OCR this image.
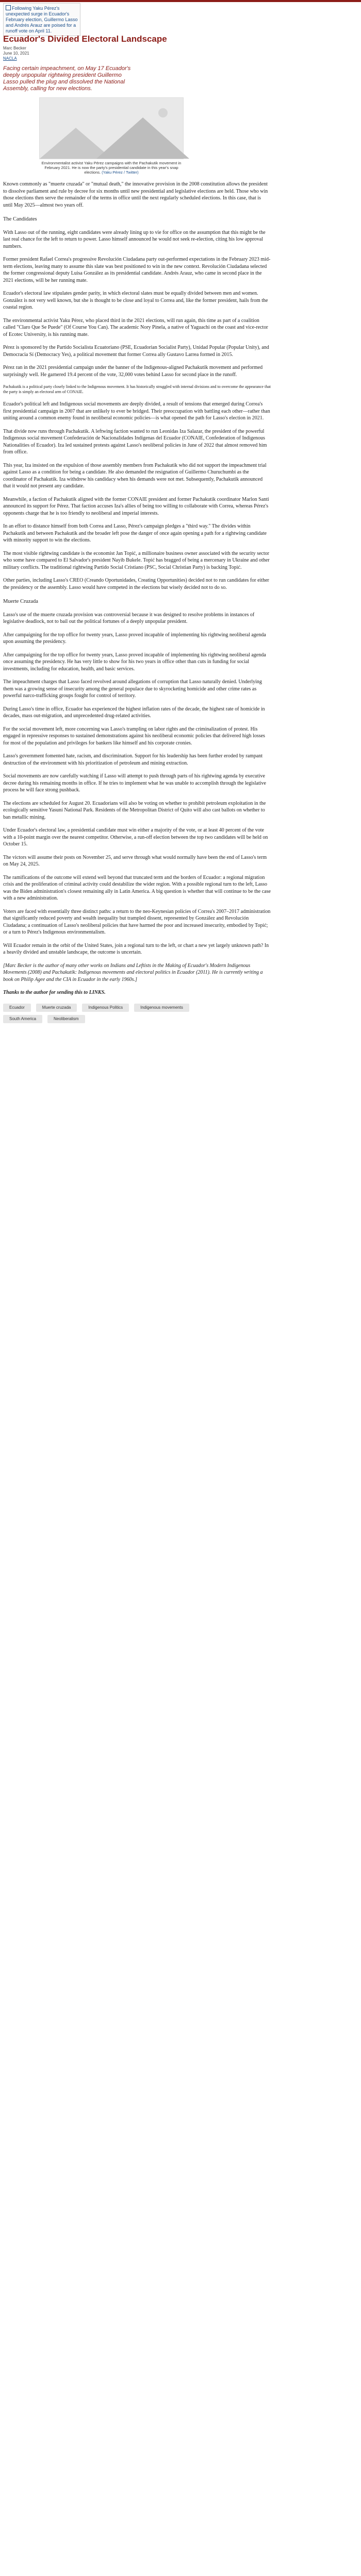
Following Yaku Pérez's unexpected surge in Ecuador's February election, Guillermo Lasso and Andrés Arauz are poised for a runoff vote on April 11.
Ecuador's Divided Electoral Landscape
Marc Becker
June 10, 2021
NACLA
Facing certain impeachment, on May 17 Ecuador's deeply unpopular rightwing president Guillermo Lasso pulled the plug and dissolved the National Assembly, calling for new elections.
Environmentalist activist Yaku Pérez campaigns with the Pachakutik movement in February 2021. He is now the party's presidential candidate in this year's snap elections. (Yaku Pérez / Twitter)

Known commonly as "muerte cruzada" or "mutual death," the innovative provision in the 2008 constitution allows the president to dissolve parliament and rule by decree for six months until new presidential and legislative elections are held. Those who win those elections then serve the remainder of the terms in office until the next regularly scheduled elections. In this case, that is until May 2025—almost two years off.

The Candidates

With Lasso out of the running, eight candidates were already lining up to vie for office on the assumption that this might be the last real chance for the left to return to power. Lasso himself announced he would not seek re-election, citing his low approval numbers.

Former president Rafael Correa's progressive Revolución Ciudadana party out-performed expectations in the February 2023 mid-term elections, leaving many to assume this slate was best positioned to win in the new context. Revolución Ciudadana selected the former congressional deputy Luisa González as its presidential candidate. Andrés Arauz, who came in second place in the 2021 elections, will be her running mate.

Ecuador's electoral law stipulates gender parity, in which electoral slates must be equally divided between men and women. González is not very well known, but she is thought to be close and loyal to Correa and, like the former president, hails from the coastal region.

The environmental activist Yaku Pérez, who placed third in the 2021 elections, will run again, this time as part of a coalition called "Claro Que Se Puede" (Of Course You Can). The academic Nory Pinela, a native of Yaguachi on the coast and vice-rector of Ecotec University, is his running mate.

Pérez is sponsored by the Partido Socialista Ecuatoriano (PSE, Ecuadorian Socialist Party), Unidad Popular (Popular Unity), and Democracia Sí (Democracy Yes), a political movement that former Correa ally Gustavo Larrea formed in 2015.

Pérez ran in the 2021 presidential campaign under the banner of the Indigenous-aligned Pachakutik movement and performed surprisingly well. He garnered 19.4 percent of the vote, 32,000 votes behind Lasso for second place in the runoff.

Pachakutik is a political party closely linked to the Indigenous movement. It has historically struggled with internal divisions and to overcome the appearance that the party is simply an electoral arm of CONAIE.

Ecuador's political left and Indigenous social movements are deeply divided, a result of tensions that emerged during Correa's first presidential campaign in 2007 that are unlikely to ever be bridged. Their preoccupation with battling each other—rather than uniting around a common enemy found in neoliberal economic policies—is what opened the path for Lasso's election in 2021.

That divide now runs through Pachakutik. A leftwing faction wanted to run Leonidas Iza Salazar, the president of the powerful Indigenous social movement Confederación de Nacionalidades Indígenas del Ecuador (CONAIE, Confederation of Indigenous Nationalities of Ecuador). Iza led sustained protests against Lasso's neoliberal policies in June of 2022 that almost removed him from office.

This year, Iza insisted on the expulsion of those assembly members from Pachakutik who did not support the impeachment trial against Lasso as a condition for being a candidate. He also demanded the resignation of Guillermo Churuchumbi as the coordinator of Pachakutik. Iza withdrew his candidacy when his demands were not met. Subsequently, Pachakutik announced that it would not present any candidate.

Meanwhile, a faction of Pachakutik aligned with the former CONAIE president and former Pachakutik coordinator Marlon Santi announced its support for Pérez. That faction accuses Iza's allies of being too willing to collaborate with Correa, whereas Pérez's opponents charge that he is too friendly to neoliberal and imperial interests.

In an effort to distance himself from both Correa and Lasso, Pérez's campaign pledges a "third way." The divides within Pachakutik and between Pachakutik and the broader left pose the danger of once again opening a path for a rightwing candidate with minority support to win the elections.

The most visible rightwing candidate is the economist Jan Topić, a millionaire business owner associated with the security sector who some have compared to El Salvador's president Nayib Bukele. Topić has bragged of being a mercenary in Ukraine and other military conflicts. The traditional rightwing Partido Social Cristiano (PSC, Social Christian Party) is backing Topić.

Other parties, including Lasso's CREO (Creando Oportunidades, Creating Opportunities) decided not to run candidates for either the presidency or the assembly. Lasso would have competed in the elections but wisely decided not to do so.

Muerte Cruzada

Lasso's use of the muerte cruzada provision was controversial because it was designed to resolve problems in instances of legislative deadlock, not to bail out the political fortunes of a deeply unpopular president.

After campaigning for the top office for twenty years, Lasso proved incapable of implementing his rightwing neoliberal agenda upon assuming the presidency.

After campaigning for the top office for twenty years, Lasso proved incapable of implementing his rightwing neoliberal agenda once assuming the presidency. He has very little to show for his two years in office other than cuts in funding for social investments, including for education, health, and basic services.

The impeachment charges that Lasso faced revolved around allegations of corruption that Lasso naturally denied. Underlying them was a growing sense of insecurity among the general populace due to skyrocketing homicide and other crime rates as powerful narco-trafficking groups fought for control of territory.

During Lasso's time in office, Ecuador has experienced the highest inflation rates of the decade, the highest rate of homicide in decades, mass out-migration, and unprecedented drug-related activities.

For the social movement left, more concerning was Lasso's trampling on labor rights and the criminalization of protest. His engaged in repressive responses to sustained demonstrations against his neoliberal economic policies that delivered high losses for most of the population and privileges for bankers like himself and his corporate cronies.

Lasso's government fomented hate, racism, and discrimination. Support for his leadership has been further eroded by rampant destruction of the environment with his prioritization of petroleum and mining extraction.

Social movements are now carefully watching if Lasso will attempt to push through parts of his rightwing agenda by executive decree during his remaining months in office. If he tries to implement what he was unable to accomplish through the legislative process he will face strong pushback.

The elections are scheduled for August 20. Ecuadorians will also be voting on whether to prohibit petroleum exploitation in the ecologically sensitive Yasuní National Park. Residents of the Metropolitan District of Quito will also cast ballots on whether to ban metallic mining.

Under Ecuador's electoral law, a presidential candidate must win either a majority of the vote, or at least 40 percent of the vote with a 10-point margin over the nearest competitor. Otherwise, a run-off election between the top two candidates will be held on October 15.

The victors will assume their posts on November 25, and serve through what would normally have been the end of Lasso's term on May 24, 2025.

The ramifications of the outcome will extend well beyond that truncated term and the borders of Ecuador: a regional migration crisis and the proliferation of criminal activity could destabilize the wider region. With a possible regional turn to the left, Lasso was the Biden administration's closest remaining ally in Latin America. A big question is whether that will continue to be the case with a new administration.

Voters are faced with essentially three distinct paths: a return to the neo-Keynesian policies of Correa's 2007–2017 administration that significantly reduced poverty and wealth inequality but trampled dissent, represented by González and Revolución Ciudadana; a continuation of Lasso's neoliberal policies that have harmed the poor and increased insecurity, embodied by Topić; or a turn to Pérez's Indigenous environmentalism.

Will Ecuador remain in the orbit of the United States, join a regional turn to the left, or chart a new yet largely unknown path? In a heavily divided and unstable landscape, the outcome is uncertain.

[Marc Becker is the author of many other works on Indians and Leftists in the Making of Ecuador's Modern Indigenous Movements (2008) and Pachakutik: Indigenous movements and electoral politics in Ecuador (2011). He is currently writing a book on Philip Agee and the CIA in Ecuador in the early 1960s.]

Thanks to the author for sending this to LINKS.

Ecuador	Muerte cruzada	Indigenous Politics	Indigenous movements
South America	Neoliberalism
